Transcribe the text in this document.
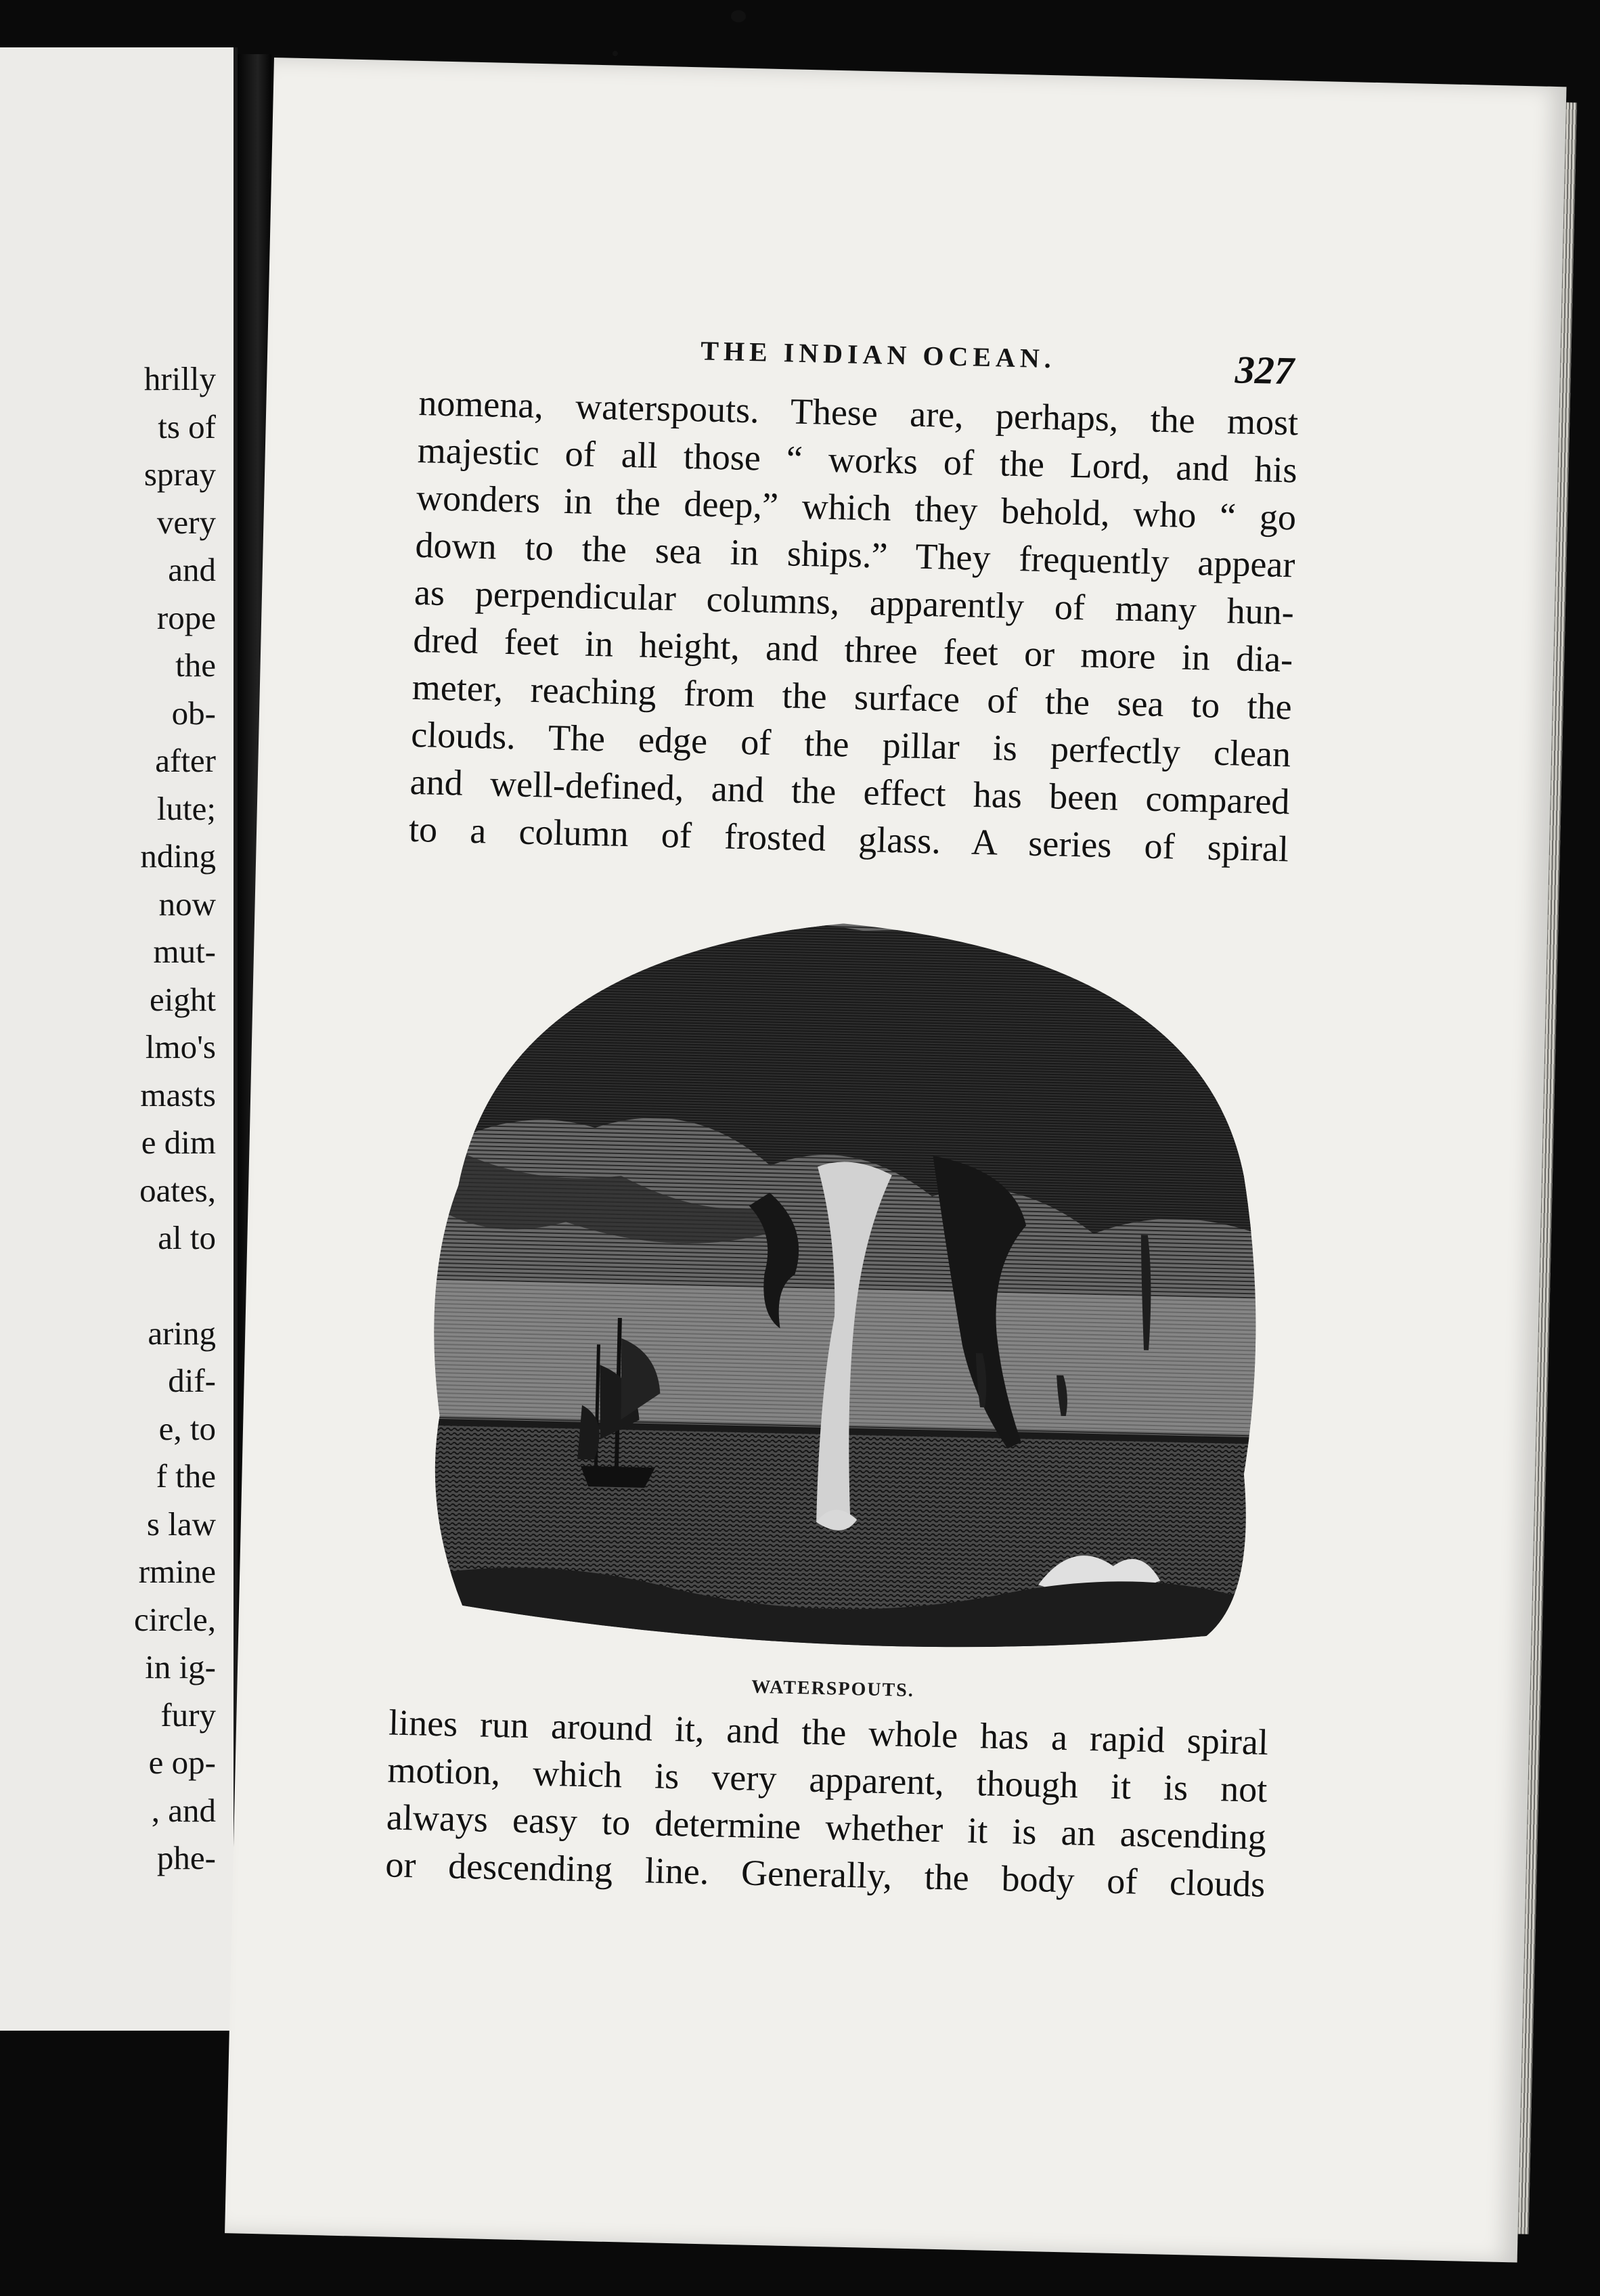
hrilly
ts of
spray
very
and
rope
the
ob-
after
lute;
nding
now
mut-
eight
lmo's
masts
e dim
oates,
al to
aring
dif-
e, to
f the
s law
rmine
circle,
in ig-
fury
e op-
, and
phe-
THE INDIAN OCEAN.	327
nomena, waterspouts. These are, perhaps, the most
majestic of all those “ works of the Lord, and his
wonders in the deep,” which they behold, who “ go
down to the sea in ships.” They frequently appear
as perpendicular columns, apparently of many hun-
dred feet in height, and three feet or more in dia-
meter, reaching from the surface of the sea to the
clouds. The edge of the pillar is perfectly clean
and well-defined, and the effect has been compared
to a column of frosted glass. A series of spiral
WATERSPOUTS.
lines run around it, and the whole has a rapid spiral
motion, which is very apparent, though it is not
always easy to determine whether it is an ascending
or descending line. Generally, the body of clouds
